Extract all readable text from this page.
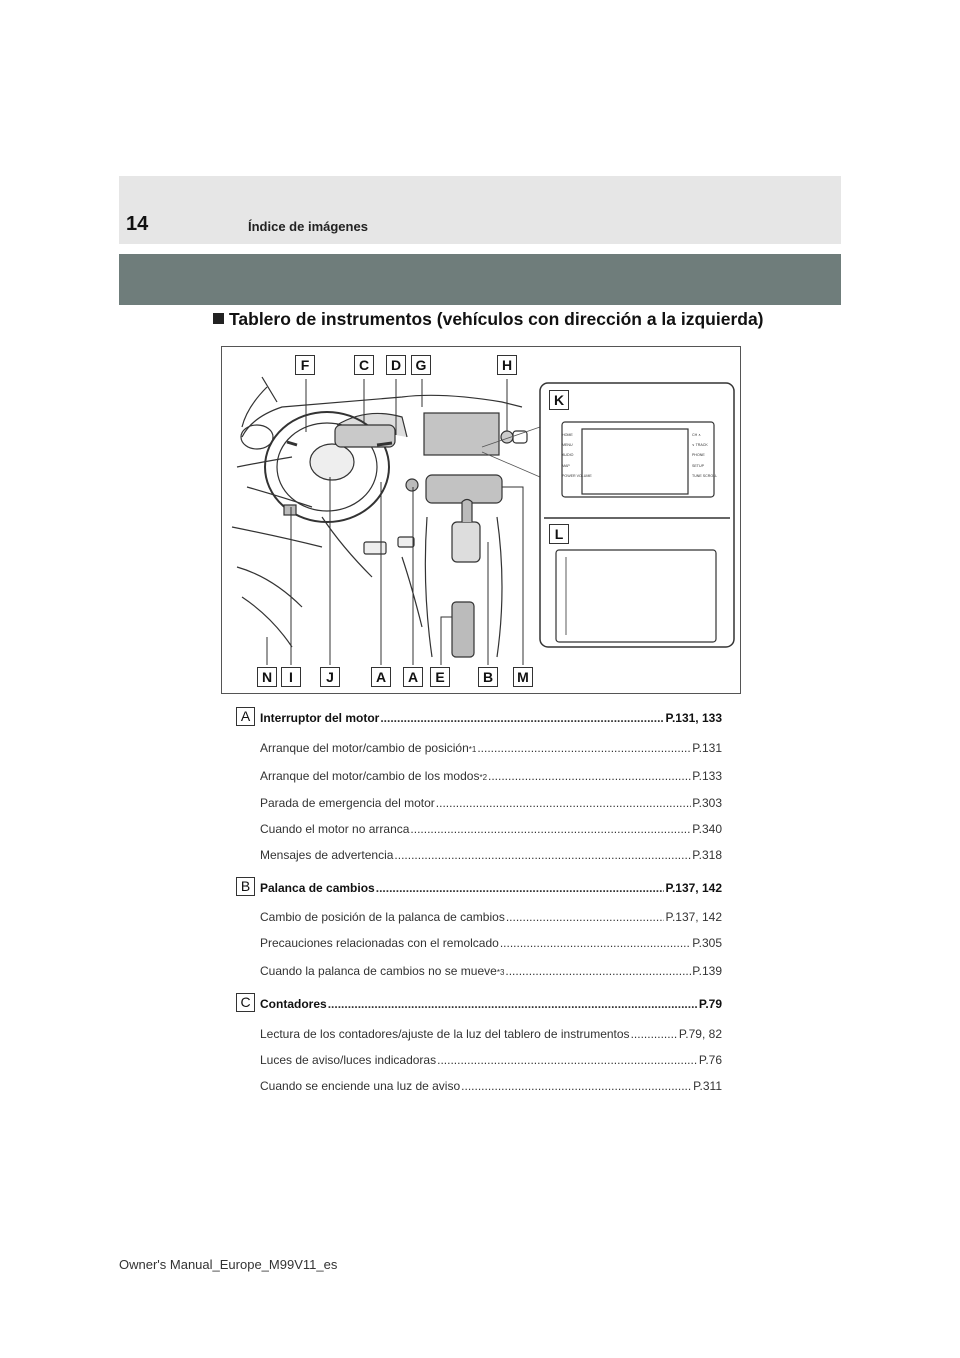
14	Índice de imágenes
Tablero de instrumentos (vehículos con dirección a la izquierda)
HOME
MENU
AUDIO
MAP
POWER VOLUME
CH ∧
∨ TRACK
PHONE
SETUP
TUNE SCROLL
F	C	D	G	H
K
L
N	I	J	A	A	E	B	M
A Interruptor del motor .....	P.131, 133
Arranque del motor/cambio de posición *1 .....	P.131
Arranque del motor/cambio de los modos *2 .....	P.133
Parada de emergencia del motor .....	P.303
Cuando el motor no arranca .....	P.340
Mensajes de advertencia .....	P.318
B Palanca de cambios .....	P.137, 142
Cambio de posición de la palanca de cambios .....	P.137, 142
Precauciones relacionadas con el remolcado .....	P.305
Cuando la palanca de cambios no se mueve *3 .....	P.139
C Contadores .....	P.79
Lectura de los contadores/ajuste de la luz del tablero de instrumentos .....	P.79, 82
Luces de aviso/luces indicadoras .....	P.76
Cuando se enciende una luz de aviso .....	P.311
Owner's Manual_Europe_M99V11_es
